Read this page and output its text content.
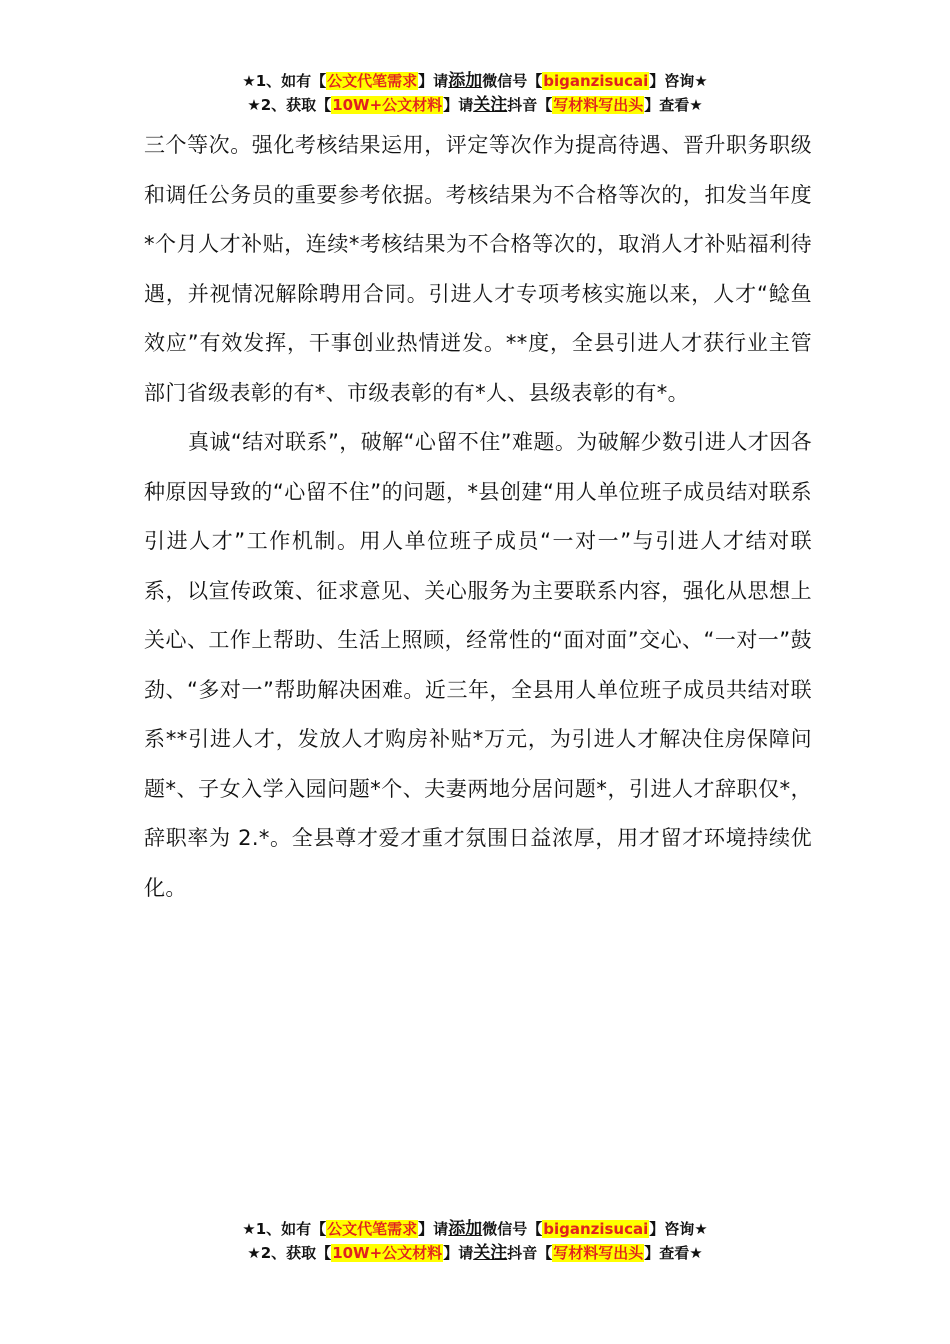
★1、如有【公文代笔需求】请添加微信号【biganzisucai】咨询★
★2、获取【10W+公文材料】请关注抖音【写材料写出头】查看★

三个等次。强化考核结果运用，评定等次作为提高待遇、晋升职务职级和调任公务员的重要参考依据。考核结果为不合格等次的，扣发当年度*个月人才补贴，连续*考核结果为不合格等次的，取消人才补贴福利待遇，并视情况解除聘用合同。引进人才专项考核实施以来，人才“鲶鱼效应”有效发挥，干事创业热情迸发。**度，全县引进人才获行业主管部门省级表彰的有*、市级表彰的有*人、县级表彰的有*。

真诚“结对联系”，破解“心留不住”难题。为破解少数引进人才因各种原因导致的“心留不住”的问题，*县创建“用人单位班子成员结对联系引进人才”工作机制。用人单位班子成员“一对一”与引进人才结对联系，以宣传政策、征求意见、关心服务为主要联系内容，强化从思想上关心、工作上帮助、生活上照顾，经常性的“面对面”交心、“一对一”鼓劲、“多对一”帮助解决困难。近三年，全县用人单位班子成员共结对联系**引进人才，发放人才购房补贴*万元，为引进人才解决住房保障问题*、子女入学入园问题*个、夫妻两地分居问题*，引进人才辞职仅*，辞职率为 2.*。全县尊才爱才重才氛围日益浓厚，用才留才环境持续优化。

★1、如有【公文代笔需求】请添加微信号【biganzisucai】咨询★
★2、获取【10W+公文材料】请关注抖音【写材料写出头】查看★
